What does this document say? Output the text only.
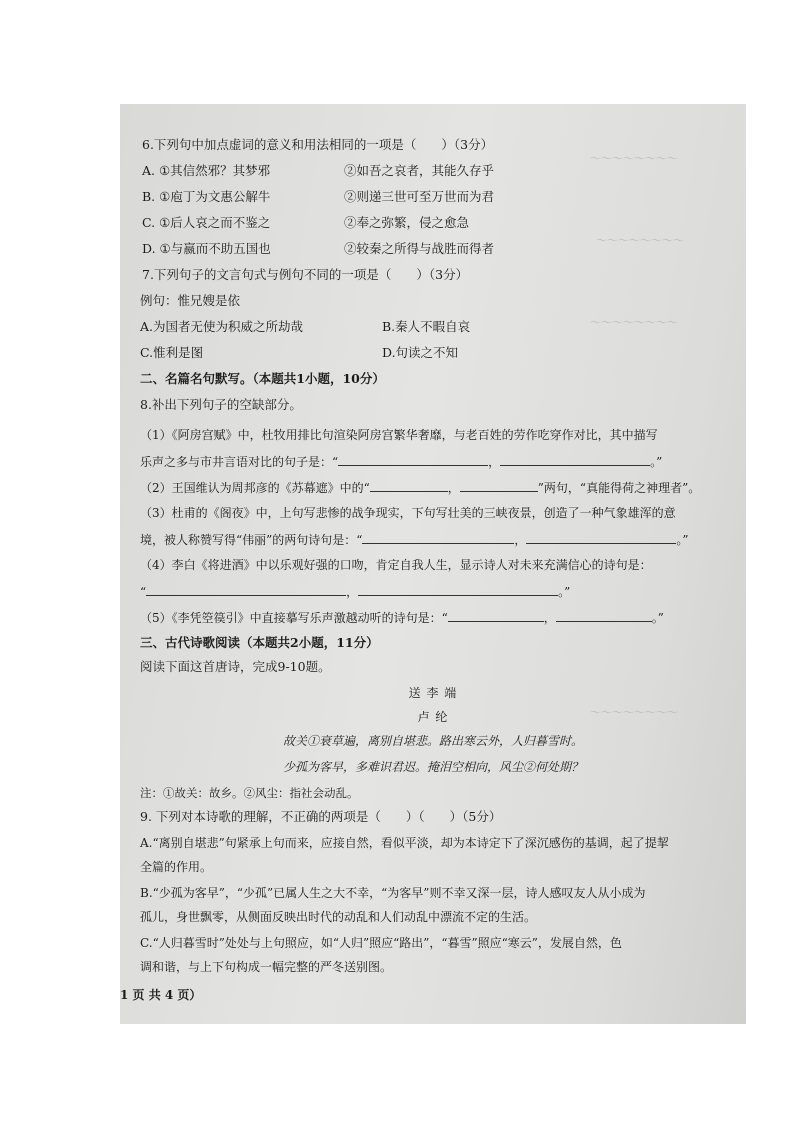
～～～～～～～～
～～～～～～～～
～～～～～～～～
～～～～～～～～
6.下列句中加点虚词的意义和用法相同的一项是（　　）（3分）
A. ①其信然邪？其梦邪	②如吾之哀者，其能久存乎
B. ①庖丁为文惠公解牛	②则递三世可至万世而为君
C. ①后人哀之而不鉴之	②奉之弥繁，侵之愈急
D. ①与嬴而不助五国也	②较秦之所得与战胜而得者
7.下列句子的文言句式与例句不同的一项是（　　）（3分）
例句：惟兄嫂是依
A.为国者无使为积威之所劫哉	B.秦人不暇自哀
C.惟利是图	D.句读之不知
二、名篇名句默写。（本题共1小题，10分）
8.补出下列句子的空缺部分。
（1）《阿房宫赋》中，杜牧用排比句渲染阿房宫繁华奢靡，与老百姓的劳作吃穿作对比，其中描写
乐声之多与市井言语对比的句子是：“	，	。”
（2）王国维认为周邦彦的《苏幕遮》中的“	，	”两句，“真能得荷之神理者”。
（3）杜甫的《阁夜》中，上句写悲惨的战争现实，下句写壮美的三峡夜景，创造了一种气象雄浑的意
境，被人称赞写得“伟丽”的两句诗句是：“	，	。”
（4）李白《将进酒》中以乐观好强的口吻，肯定自我人生，显示诗人对未来充满信心的诗句是：
“	，	。”
（5）《李凭箜篌引》中直接摹写乐声激越动听的诗句是：“	，	。”
三、古代诗歌阅读（本题共2小题，11分）
阅读下面这首唐诗，完成9-10题。
送 李 端
卢 纶
故关①衰草遍，离别自堪悲。路出寒云外，人归暮雪时。
少孤为客早，多难识君迟。掩泪空相向，风尘②何处期？
注：①故关：故乡。②风尘：指社会动乱。
9. 下列对本诗歌的理解，不正确的两项是（　　）（　　）（5分）
A.“离别自堪悲”句紧承上句而来，应接自然，看似平淡，却为本诗定下了深沉感伤的基调，起了提挈
全篇的作用。
B.“少孤为客早”，“少孤”已属人生之大不幸，“为客早”则不幸又深一层，诗人感叹友人从小成为
孤儿，身世飘零，从侧面反映出时代的动乱和人们动乱中漂流不定的生活。
C.“人归暮雪时”处处与上句照应，如“人归”照应“路出”，“暮雪”照应“寒云”，发展自然，色
调和谐，与上下句构成一幅完整的严冬送别图。
1 页 共 4 页）
